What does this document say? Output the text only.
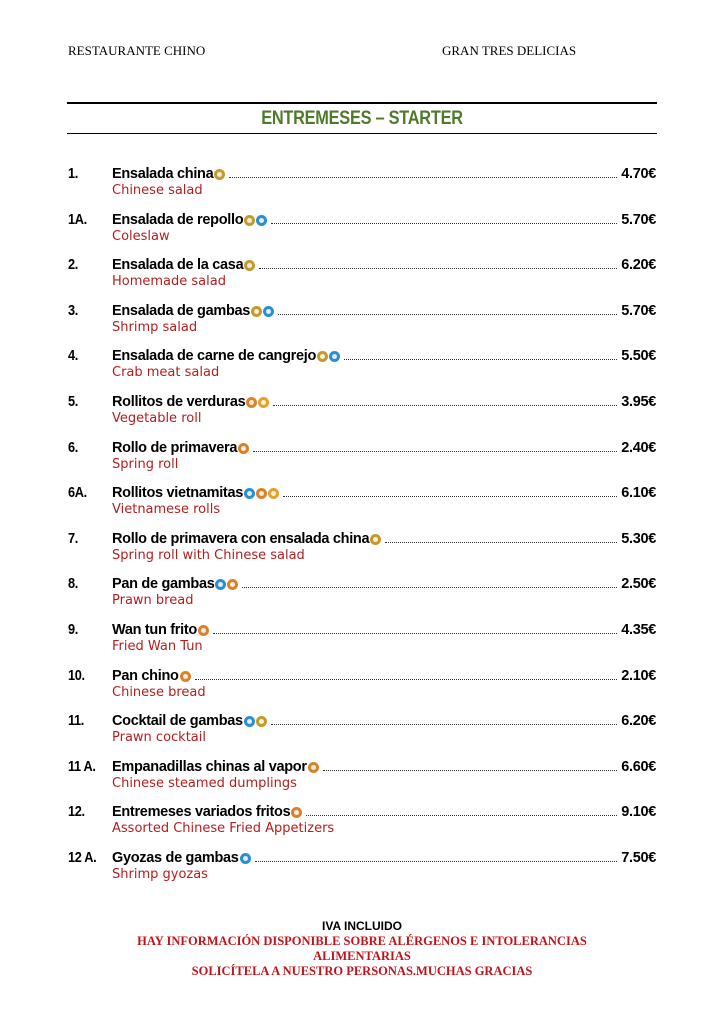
RESTAURANTE CHINO	GRAN TRES DELICIAS
ENTREMESES – STARTER
1.	Ensalada china	4.70€
Chinese salad
1A.	Ensalada de repollo	5.70€
Coleslaw
2.	Ensalada de la casa	6.20€
Homemade salad
3.	Ensalada de gambas	5.70€
Shrimp salad
4.	Ensalada de carne de cangrejo	5.50€
Crab meat salad
5.	Rollitos de verduras	3.95€
Vegetable roll
6.	Rollo de primavera	2.40€
Spring roll
6A.	Rollitos vietnamitas	6.10€
Vietnamese rolls
7.	Rollo de primavera con ensalada china	5.30€
Spring roll with Chinese salad
8.	Pan de gambas	2.50€
Prawn bread
9.	Wan tun frito	4.35€
Fried Wan Tun
10.	Pan chino	2.10€
Chinese bread
11.	Cocktail de gambas	6.20€
Prawn cocktail
11 A.	Empanadillas chinas al vapor	6.60€
Chinese steamed dumplings
12.	Entremeses variados fritos	9.10€
Assorted Chinese Fried Appetizers
12 A.	Gyozas de gambas	7.50€
Shrimp gyozas
IVA INCLUIDO
HAY INFORMACIÓN DISPONIBLE SOBRE ALÉRGENOS E INTOLERANCIAS ALIMENTARIAS
SOLICÍTELA A NUESTRO PERSONAS.MUCHAS GRACIAS
